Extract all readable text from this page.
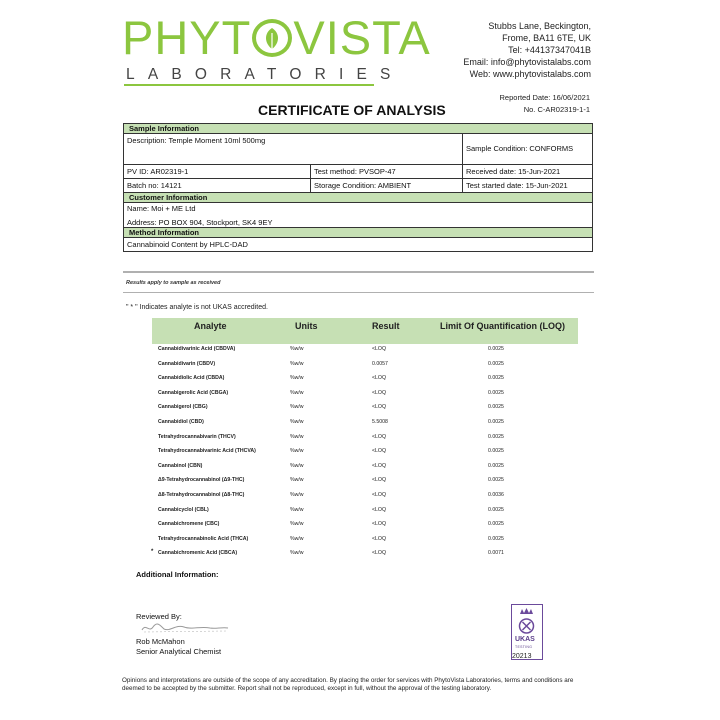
PHYT VISTA
LABORATORIES
Stubbs Lane, Beckington,
Frome, BA11 6TE, UK
Tel: +44137347041B
Email: info@phytovistalabs.com
Web: www.phytovistalabs.com
Reported Date: 16/06/2021
No. C-AR02319-1-1
CERTIFICATE OF ANALYSIS
Sample Information
Description: Temple Moment 10ml 500mg
Sample Condition: CONFORMS
PV ID: AR02319-1	Test method: PVSOP-47	Received date: 15-Jun-2021
Batch no: 14121	Storage Condition: AMBIENT	Test started date: 15-Jun-2021
Customer Information
Name: Moi + ME Ltd
Address: PO BOX 904, Stockport, SK4 9EY
Method Information
Cannabinoid Content by HPLC-DAD
Results apply to sample as received
" * " Indicates analyte is not UKAS accredited.
Analyte	Units	Result	Limit Of Quantification (LOQ)
Cannabidivarinic Acid (CBDVA)	%w/w	<LOQ	0.0025
Cannabidivarin (CBDV)	%w/w	0.0057	0.0025
Cannabidiolic Acid (CBDA)	%w/w	<LOQ	0.0025
Cannabigerolic Acid (CBGA)	%w/w	<LOQ	0.0025
Cannabigerol (CBG)	%w/w	<LOQ	0.0025
Cannabidiol (CBD)	%w/w	5.5008	0.0025
Tetrahydrocannabivarin (THCV)	%w/w	<LOQ	0.0025
Tetrahydrocannabivarinic Acid (THCVA)	%w/w	<LOQ	0.0025
Cannabinol (CBN)	%w/w	<LOQ	0.0025
Δ9-Tetrahydrocannabinol (Δ9-THC)	%w/w	<LOQ	0.0025
Δ8-Tetrahydrocannabinol (Δ8-THC)	%w/w	<LOQ	0.0036
Cannabicyclol (CBL)	%w/w	<LOQ	0.0025
Cannabichromene (CBC)	%w/w	<LOQ	0.0025
Tetrahydrocannabinolic Acid (THCA)	%w/w	<LOQ	0.0025
* Cannabichromenic Acid (CBCA)	%w/w	<LOQ	0.0071
Additional Information:
Reviewed By:
Rob McMahon
Senior Analytical Chemist
UKAS
TESTING
20213
Opinions and interpretations are outside of the scope of any accreditation. By placing the order for services with PhytoVista Laboratories, terms and conditions are deemed to be accepted by the submitter. Report shall not be reproduced, except in full, without the approval of the testing laboratory.
